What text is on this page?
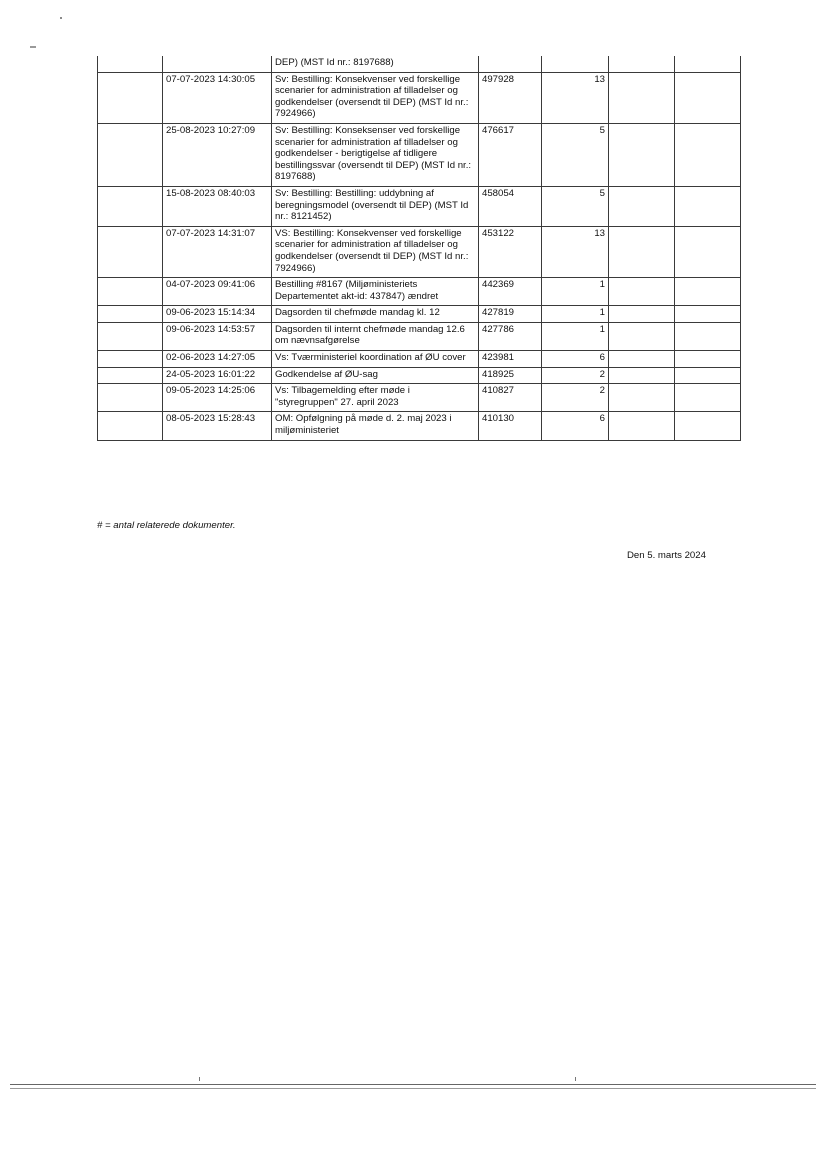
		DEP) (MST Id nr.: 8197688)				
	07-07-2023 14:30:05	Sv: Bestilling: Konsekvenser ved forskellige scenarier for administration af tilladelser og godkendelser (oversendt til DEP) (MST Id nr.: 7924966)	497928	13		
	25-08-2023 10:27:09	Sv: Bestilling: Konseksenser ved forskellige scenarier for administration af tilladelser og godkendelser - berigtigelse af tidligere bestillingssvar (oversendt til DEP) (MST Id nr.: 8197688)	476617	5		
	15-08-2023 08:40:03	Sv: Bestilling: Bestilling: uddybning af beregningsmodel (oversendt til DEP) (MST Id nr.: 8121452)	458054	5		
	07-07-2023 14:31:07	VS: Bestilling: Konsekvenser ved forskellige scenarier for administration af tilladelser og godkendelser (oversendt til DEP) (MST Id nr.: 7924966)	453122	13		
	04-07-2023 09:41:06	Bestilling #8167 (Miljøministeriets Departementet akt-id: 437847) ændret	442369	1		
	09-06-2023 15:14:34	Dagsorden til chefmøde mandag kl. 12	427819	1		
	09-06-2023 14:53:57	Dagsorden til internt chefmøde mandag 12.6 om nævnsafgørelse	427786	1		
	02-06-2023 14:27:05	Vs: Tværministeriel koordination af ØU cover	423981	6		
	24-05-2023 16:01:22	Godkendelse af ØU-sag	418925	2		
	09-05-2023 14:25:06	Vs: Tilbagemelding efter møde i "styregruppen" 27. april 2023	410827	2		
	08-05-2023 15:28:43	OM: Opfølgning på møde d. 2. maj 2023 i miljøministeriet	410130	6		
# = antal relaterede dokumenter.
Den 5. marts 2024
